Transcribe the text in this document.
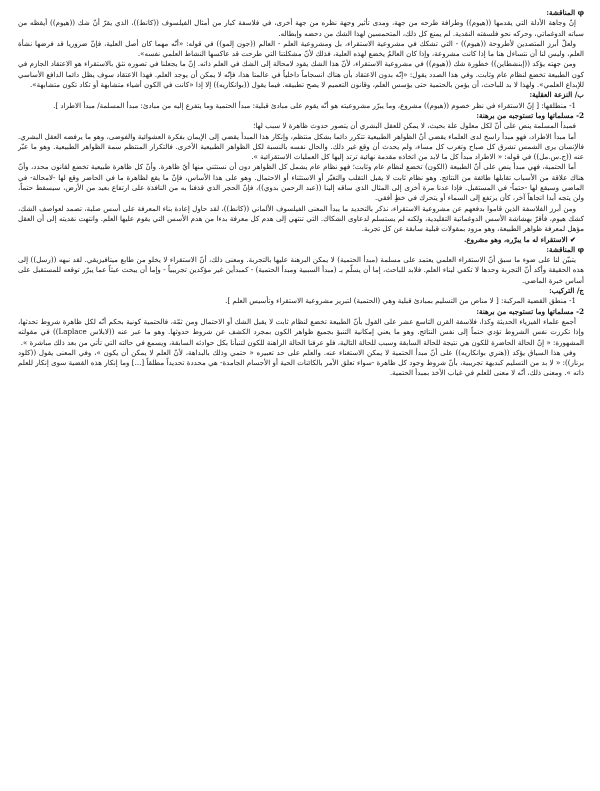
φ المناقشة:

إنّ وجاهة الأدلة التي يقدمها ((هيوم)) وطرافة طرحه من جهة، ومدى تأثير وجهة نظره من جهة أخرى، في فلاسفة كبار من أمثال الفيلسوف ((كانط))، الذي يقرّ أنّ شك ((هيوم)) أيقظه من سباته الدوغماتي، وحركه نحو فلسفته النقدية. لم يمنع كل ذلك، المتحمسين لهذا الشك من دحضه وإبطاله.

ولعلّ أبرز المتصدين لأطروحة ((هيوم)) - التي تشكك في مشروعية الاستقراء، بل ومشروعية العلم - العالم ((جون إلمو)) في قوله: «أنّه مهما كان أصل العلية، فإنّ ضروريا قد فرضها نشأة العلم، وليس لنا أن نتساءل هنا ما إذا كانت مشروعة، وإذا كان العالمُ يخضع لهذه العلية، فذلك لأنّ مشكلتنا التي طرحت قد عاكسها النشاط العلمي نفسه».

ومن جهته يؤكد ((إبنشطاين)) خطورة شك ((هيوم)) في مشروعية الاستقراء، لأنّ هذا الشك يقود لامحالة إلى الشك في العلم ذاته. إنّ ما يجعلنا في تصوره نثق بالاستقراء هو الاعتقاد الجازم في كون الطبيعة تخضع لنظام عام وثابت. وفي هذا الصدد يقول: «إنّه بدون الاعتقاد بأن هناك انسجاماً داخلياً في عالمنا هذا، فإنّه لا يمكن أن يوجد العلم. فهذا الاعتقاد سوف يظل دائما الدافع الأساسي للإبداع العلمي». ولهذا لا بد للباحث، أن يؤمن بالحتمية حتى يؤسس العلم، وقانون التعميم لا يصح تطبيقه. فيما يقول ((بوانكاريه)) إلا إذا «كانت في الكون أشياء متشابهة أو تكاد تكون متشابهة».

ب/ النزعة العقلية:

1- منطلقها: [ إنّ الاستقراء في نظر خصوم ((هيوم)) مشروع، وما يبرّر مشروعيته هو أنّه يقوم على مبادئ قبلية: مبدأ الحتمية وما يتفرع إليه من مبادئ: مبدأ المسلمة/ مبدأ الاطراد ].

2- مسلماتها وما تستوجبه من برهنة:

فمبدأ المسلمة ينص على أنّ لكل معلول علة بحيث، لا يمكن للعقل البشري أن يتصور حدوث ظاهرة لا سبب لها؛

أما مبدأ الاطراد، فهو مبدأ راسخ لدى العلماء يقضي أنّ الظواهر الطبيعية تتكرر دائما بشكل منتظم، وإنكار هذا المبدأ يقضي إلى الإيمان بفكرة العشوائية والفوضى، وهو ما يرفضه العقل البشري. فالإنسان يرى الشمس تشرق كل صباح وتغرب كل مساء، ولم يحدث أن وقع غير ذلك. والحال نفسه بالنسبة لكل الظواهر الطبيعية الأخرى. فالتكرار المنتظم سمة الظواهر الطبيعية. وهو ما عبّر عنه ((ج.س.مل)) في قوله: « الاطراد مبدأ كل ما لابد من اتخاذه مقدمة نهائية ترتد إليها كل العمليات الاستقرائية ».

أما الحتمية، فهي مبدأ ينص على أنّ الطبيعة (الكون) تخضع لنظام عام وثابت؛ فهو نظام عام يشمل كل الظواهر دون أن نستثني منها أيّ ظاهرة. وأنّ كل ظاهرة طبيعية تخضع لقانون محدد، وأنّ هناك علاقة من الأسباب تقابلها طائفة من النتائج. وهو نظام ثابت لا يقبل التقلب والتغيّر أو الاستثناء أو الاحتمال. وهو على هذا الأساس، فإنّ ما يقع لظاهرة ما في الحاضر وقع لها -لامحالة- في الماضي وسيقع لها -حتماً- في المستقبل. فإذا عدنا مرة أخرى إلى المثال الذي ساقه إلينا ((عبد الرحمن بدوي))، فإنّ الحجر الذي قذفنا به من النافذة على ارتفاع بعيد من الأرض، سيسقط حتماً، ولن يتجه أبدا اتجاهاً آخر، كأن يرتفع إلى السماء أو يتحرك في خطٍ أفقي.

ومن أبرز الفلاسفة الذين قاموا بدفعهم عن مشروعية الاستقراء، نذكر بالتحديد ما يبدأ المعنى الفيلسوف الألماني ((كانط))، لقد حاول إعادة بناء المعرفة على أسس صلبة، تصمد لعواصف الشك، كشك هيوم، فأقرّ بهشاشة الأسس الدوغماتية التقليدية، ولكنه لم يستسلم لدعاوى الشكاك. التي تنتهي إلى هدم كل معرفة بدءا من هدم الأسس التي يقوم عليها العلم. وانتهت نقديته إلى أن العقل مؤهل لمعرفة ظواهر الطبيعة، وهو مزود بمقولات قبلية سابقة عن كل تجربة.

✔ الاستقراء له ما يبرّره، وهو مشروع.

φ المناقشة:

يتبيّن لنا على ضوء ما سبق أنّ الاستقراء العلمي يعتمد على مسلمة (مبدأ الحتمية) لا يمكن البرهنة عليها بالتجربة. ومعنى ذلك، أنّ الاستقراء لا يخلو من طابع ميتافيزيقي. لقد نبهه ((رسل)) إلى هذه الحقيقة وأكد أنّ التجربة وحدها لا تكفي لبناء العلم. فلابد للباحث، إما أن يسلّم بـ (مبدأ السببية ومبدأ الحتمية) - كمبدأين غير مؤكدين تجريبياً - وإما أن يبحث عبثاً عما يبرّر توقعه للمستقبل على أساس خبرة الماضي.

ج/ التركيب:

1- منطق القضية المركبة: [ لا مناص من التسليم بمبادئ قبلية وهي (الحتمية) لتبرير مشروعية الاستقراء وتأسيس العلم ].

2- مسلماتها وما تستوجبه من برهنة:

أجمع علماء الفيزياء الحديثة وكذا، فلاسفة القرن التاسع عشر على القول بأنّ الطبيعة تخضع لنظام ثابت لا يقبل الشك أو الاحتمال ومن ثمّة، فالحتمية كونية بحكم أنّه لكل ظاهرة شروط تحدثها، وإذا تكررت نفس الشروط تؤدي حتماً إلى نفس النتائج. وهو ما يعني إمكانية التنبؤ بجميع ظواهر الكون بمجرد الكشف عن شروط حدوثها. وهو ما عبر عنه ((لابلاس Laplace)) في مقولته المشهورة: « إنّ الحالة الحاضرة للكون هي نتيجة للحالة السابقة وسبب للحالة التالية، فلو عرفنا الحالة الراهنة للكون لتنبأنا بكل حوادثه السابقة، ويسمع في حالته التي تأتي من بعد ذلك مباشرة ».

وفي هذا السياق يؤكد ((هنري بوانكاريه)) على أنّ مبدأ الحتمية لا يمكن الاستغناء عنه. والعلم على حد تعبيره « حتمي وذلك بالبداهة، لأنّ العلم لا يمكن أن يكون »، وفي المعنى يقول ((كلود برنار)): « لا بد من التسليم كبديهة تجريبية، بأنّ شروط وجود كل ظاهرة -سواء تعلق الأمر بالكائنات الحية أو الأجسام الجامدة- هي محددة تحديداً مطلقاً [...] وما إنكار هذه القضية سوى إنكار للعلم ذاته ». ومعنى ذلك، أنّه لا معنى للعلم في غياب الأخذ بمبدأ الحتمية.
